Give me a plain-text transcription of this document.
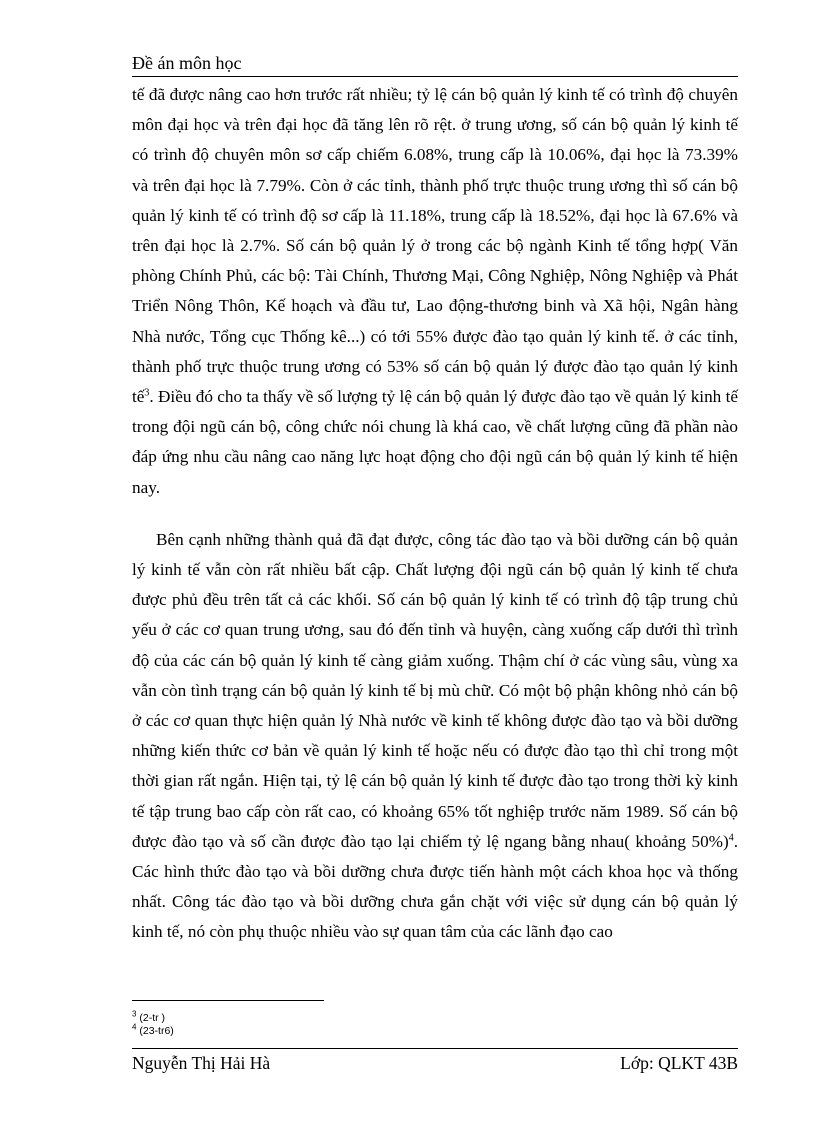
Đề án môn học

tế đã được nâng cao hơn trước rất nhiều; tỷ lệ cán bộ quản lý kinh tế có trình độ chuyên môn đại học và trên đại học đã tăng lên rõ rệt. ở trung ương, số cán bộ quản lý kinh tế có trình độ chuyên môn sơ cấp chiếm 6.08%, trung cấp là 10.06%, đại học là 73.39% và trên đại học là 7.79%. Còn ở các tỉnh, thành phố trực thuộc trung ương thì số cán bộ quản lý kinh tế có trình độ sơ cấp là 11.18%, trung cấp là 18.52%, đại học là 67.6% và trên đại học là 2.7%. Số cán bộ quản lý ở trong các bộ ngành Kinh tế tổng hợp( Văn phòng Chính Phủ, các bộ: Tài Chính, Thương Mại, Công Nghiệp, Nông Nghiệp và Phát Triển Nông Thôn, Kế hoạch và đầu tư, Lao động-thương binh và Xã hội, Ngân hàng Nhà nước, Tổng cục Thống kê...) có tới 55% được đào tạo quản lý kinh tế. ở các tỉnh, thành phố trực thuộc trung ương có 53% số cán bộ quản lý được đào tạo quản lý kinh tế$^3$. Điều đó cho ta thấy về số lượng tỷ lệ cán bộ quản lý được đào tạo về quản lý kinh tế trong đội ngũ cán bộ, công chức nói chung là khá cao, về chất lượng cũng đã phần nào đáp ứng nhu cầu nâng cao năng lực hoạt động cho đội ngũ cán bộ quản lý kinh tế hiện nay.

Bên cạnh những thành quả đã đạt được, công tác đào tạo và bồi dưỡng cán bộ quản lý kinh tế vẫn còn rất nhiều bất cập. Chất lượng đội ngũ cán bộ quản lý kinh tế chưa được phủ đều trên tất cả các khối. Số cán bộ quản lý kinh tế có trình độ tập trung chủ yếu ở các cơ quan trung ương, sau đó đến tỉnh và huyện, càng xuống cấp dưới thì trình độ của các cán bộ quản lý kinh tế càng giảm xuống. Thậm chí ở các vùng sâu, vùng xa vẫn còn tình trạng cán bộ quản lý kinh tế bị mù chữ. Có một bộ phận không nhỏ cán bộ ở các cơ quan thực hiện quản lý Nhà nước về kinh tế không được đào tạo và bồi dưỡng những kiến thức cơ bản về quản lý kinh tế hoặc nếu có được đào tạo thì chỉ trong một thời gian rất ngắn. Hiện tại, tỷ lệ cán bộ quản lý kinh tế được đào tạo trong thời kỳ kinh tế tập trung bao cấp còn rất cao, có khoảng 65% tốt nghiệp trước năm 1989. Số cán bộ được đào tạo và số cần được đào tạo lại chiếm tỷ lệ ngang bằng nhau( khoảng 50%)$^4$. Các hình thức đào tạo và bồi dưỡng chưa được tiến hành một cách khoa học và thống nhất. Công tác đào tạo và bồi dưỡng chưa gắn chặt với việc sử dụng cán bộ quản lý kinh tế, nó còn phụ thuộc nhiều vào sự quan tâm của các lãnh đạo cao

$^3$ (2-tr )
$^4$ (23-tr6)
Nguyễn Thị Hải Hà	Lớp: QLKT 43B
